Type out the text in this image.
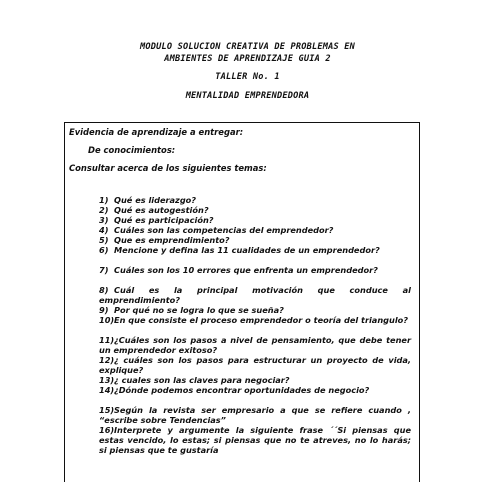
MODULO SOLUCION CREATIVA DE PROBLEMAS EN
AMBIENTES DE APRENDIZAJE GUIA 2
TALLER No. 1
MENTALIDAD EMPRENDEDORA
Evidencia de aprendizaje a entregar:
De conocimientos:
Consultar acerca de los siguientes temas:
1) Qué es liderazgo?
2) Qué es autogestión?
3) Qué es participación?
4) Cuáles son las competencias del emprendedor?
5) Que es emprendimiento?
6) Mencione y defina las 11 cualidades de un emprendedor?
7) Cuáles son los 10 errores que enfrenta un emprendedor?
8) Cuál es la principal motivación que conduce al emprendimiento?
9) Por qué no se logra lo que se sueña?
10)En que consiste el proceso emprendedor o teoría del triangulo?
11)¿Cuáles son los pasos a nivel de pensamiento, que debe tener un emprendedor exitoso?
12)¿ cuáles son los pasos para estructurar un proyecto de vida, explique?
13)¿ cuales son las claves para negociar?
14)¿Dónde podemos encontrar oportunidades de negocio?
15)Según la revista ser empresario a que se refiere cuando , “escribe sobre Tendencias”
16)Interprete y argumente la siguiente frase ´´Si piensas que estas vencido, lo estas; si piensas que no te atreves, no lo harás; si piensas que te gustaría
